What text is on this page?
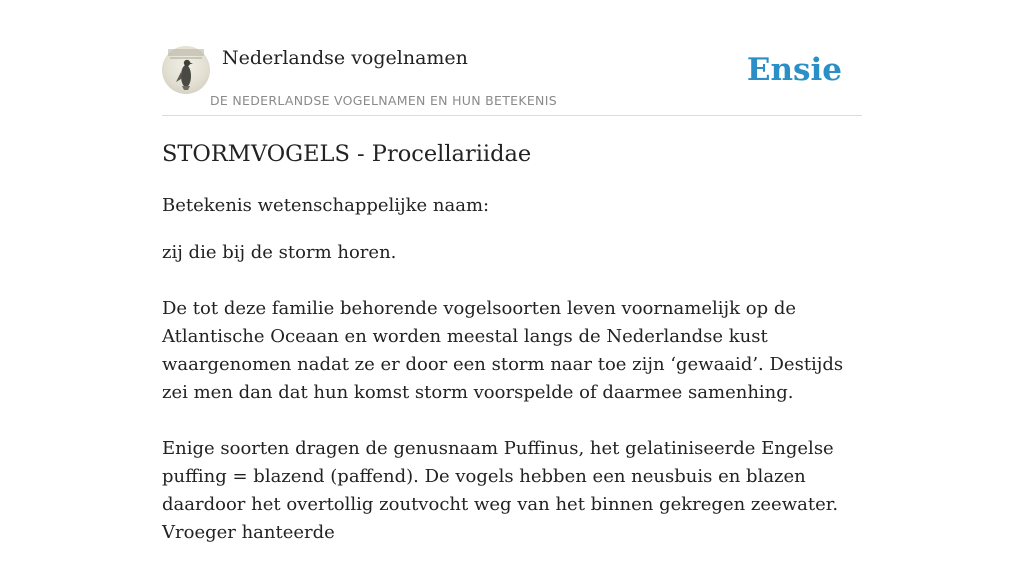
Nederlandse vogelnamen
DE NEDERLANDSE VOGELNAMEN EN HUN BETEKENIS
Ensie
STORMVOGELS - Procellariidae
Betekenis wetenschappelijke naam:

zij die bij de storm horen.

De tot deze familie behorende vogelsoorten leven voornamelijk op de Atlantische Oceaan en worden meestal langs de Nederlandse kust waargenomen nadat ze er door een storm naar toe zijn ‘gewaaid’. Destijds zei men dan dat hun komst storm voorspelde of daarmee samenhing.

Enige soorten dragen de genusnaam Puffinus, het gelatiniseerde Engelse puffing = blazend (paffend). De vogels hebben een neusbuis en blazen daardoor het overtollig zoutvocht weg van het binnen gekregen zeewater. Vroeger hanteerde
